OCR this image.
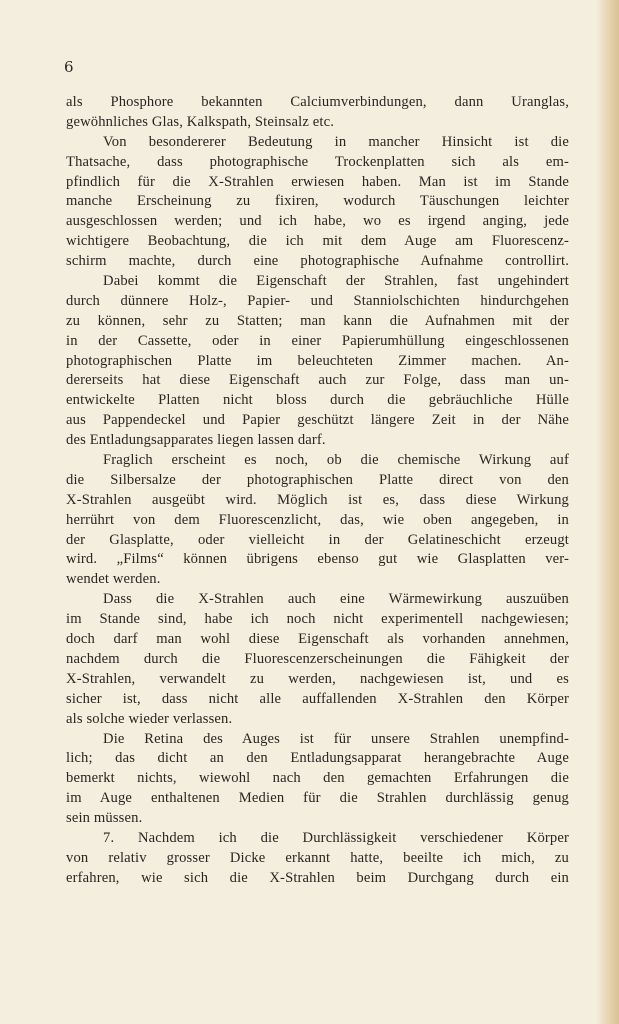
6

als Phosphore bekannten Calciumverbindungen, dann Uranglas,
gewöhnliches Glas, Kalkspath, Steinsalz etc.
Von besondererer Bedeutung in mancher Hinsicht ist die
Thatsache, dass photographische Trockenplatten sich als em-
pfindlich für die X-Strahlen erwiesen haben. Man ist im Stande
manche Erscheinung zu fixiren, wodurch Täuschungen leichter
ausgeschlossen werden; und ich habe, wo es irgend anging, jede
wichtigere Beobachtung, die ich mit dem Auge am Fluorescenz-
schirm machte, durch eine photographische Aufnahme controllirt.
Dabei kommt die Eigenschaft der Strahlen, fast ungehindert
durch dünnere Holz-, Papier- und Stanniolschichten hindurchgehen
zu können, sehr zu Statten; man kann die Aufnahmen mit der
in der Cassette, oder in einer Papierumhüllung eingeschlossenen
photographischen Platte im beleuchteten Zimmer machen. An-
dererseits hat diese Eigenschaft auch zur Folge, dass man un-
entwickelte Platten nicht bloss durch die gebräuchliche Hülle
aus Pappendeckel und Papier geschützt längere Zeit in der Nähe
des Entladungsapparates liegen lassen darf.
Fraglich erscheint es noch, ob die chemische Wirkung auf
die Silbersalze der photographischen Platte direct von den
X-Strahlen ausgeübt wird. Möglich ist es, dass diese Wirkung
herrührt von dem Fluorescenzlicht, das, wie oben angegeben, in
der Glasplatte, oder vielleicht in der Gelatineschicht erzeugt
wird. „Films“ können übrigens ebenso gut wie Glasplatten ver-
wendet werden.
Dass die X-Strahlen auch eine Wärmewirkung auszuüben
im Stande sind, habe ich noch nicht experimentell nachgewiesen;
doch darf man wohl diese Eigenschaft als vorhanden annehmen,
nachdem durch die Fluorescenzerscheinungen die Fähigkeit der
X-Strahlen, verwandelt zu werden, nachgewiesen ist, und es
sicher ist, dass nicht alle auffallenden X-Strahlen den Körper
als solche wieder verlassen.
Die Retina des Auges ist für unsere Strahlen unempfind-
lich; das dicht an den Entladungsapparat herangebrachte Auge
bemerkt nichts, wiewohl nach den gemachten Erfahrungen die
im Auge enthaltenen Medien für die Strahlen durchlässig genug
sein müssen.
7. Nachdem ich die Durchlässigkeit verschiedener Körper
von relativ grosser Dicke erkannt hatte, beeilte ich mich, zu
erfahren, wie sich die X-Strahlen beim Durchgang durch ein
